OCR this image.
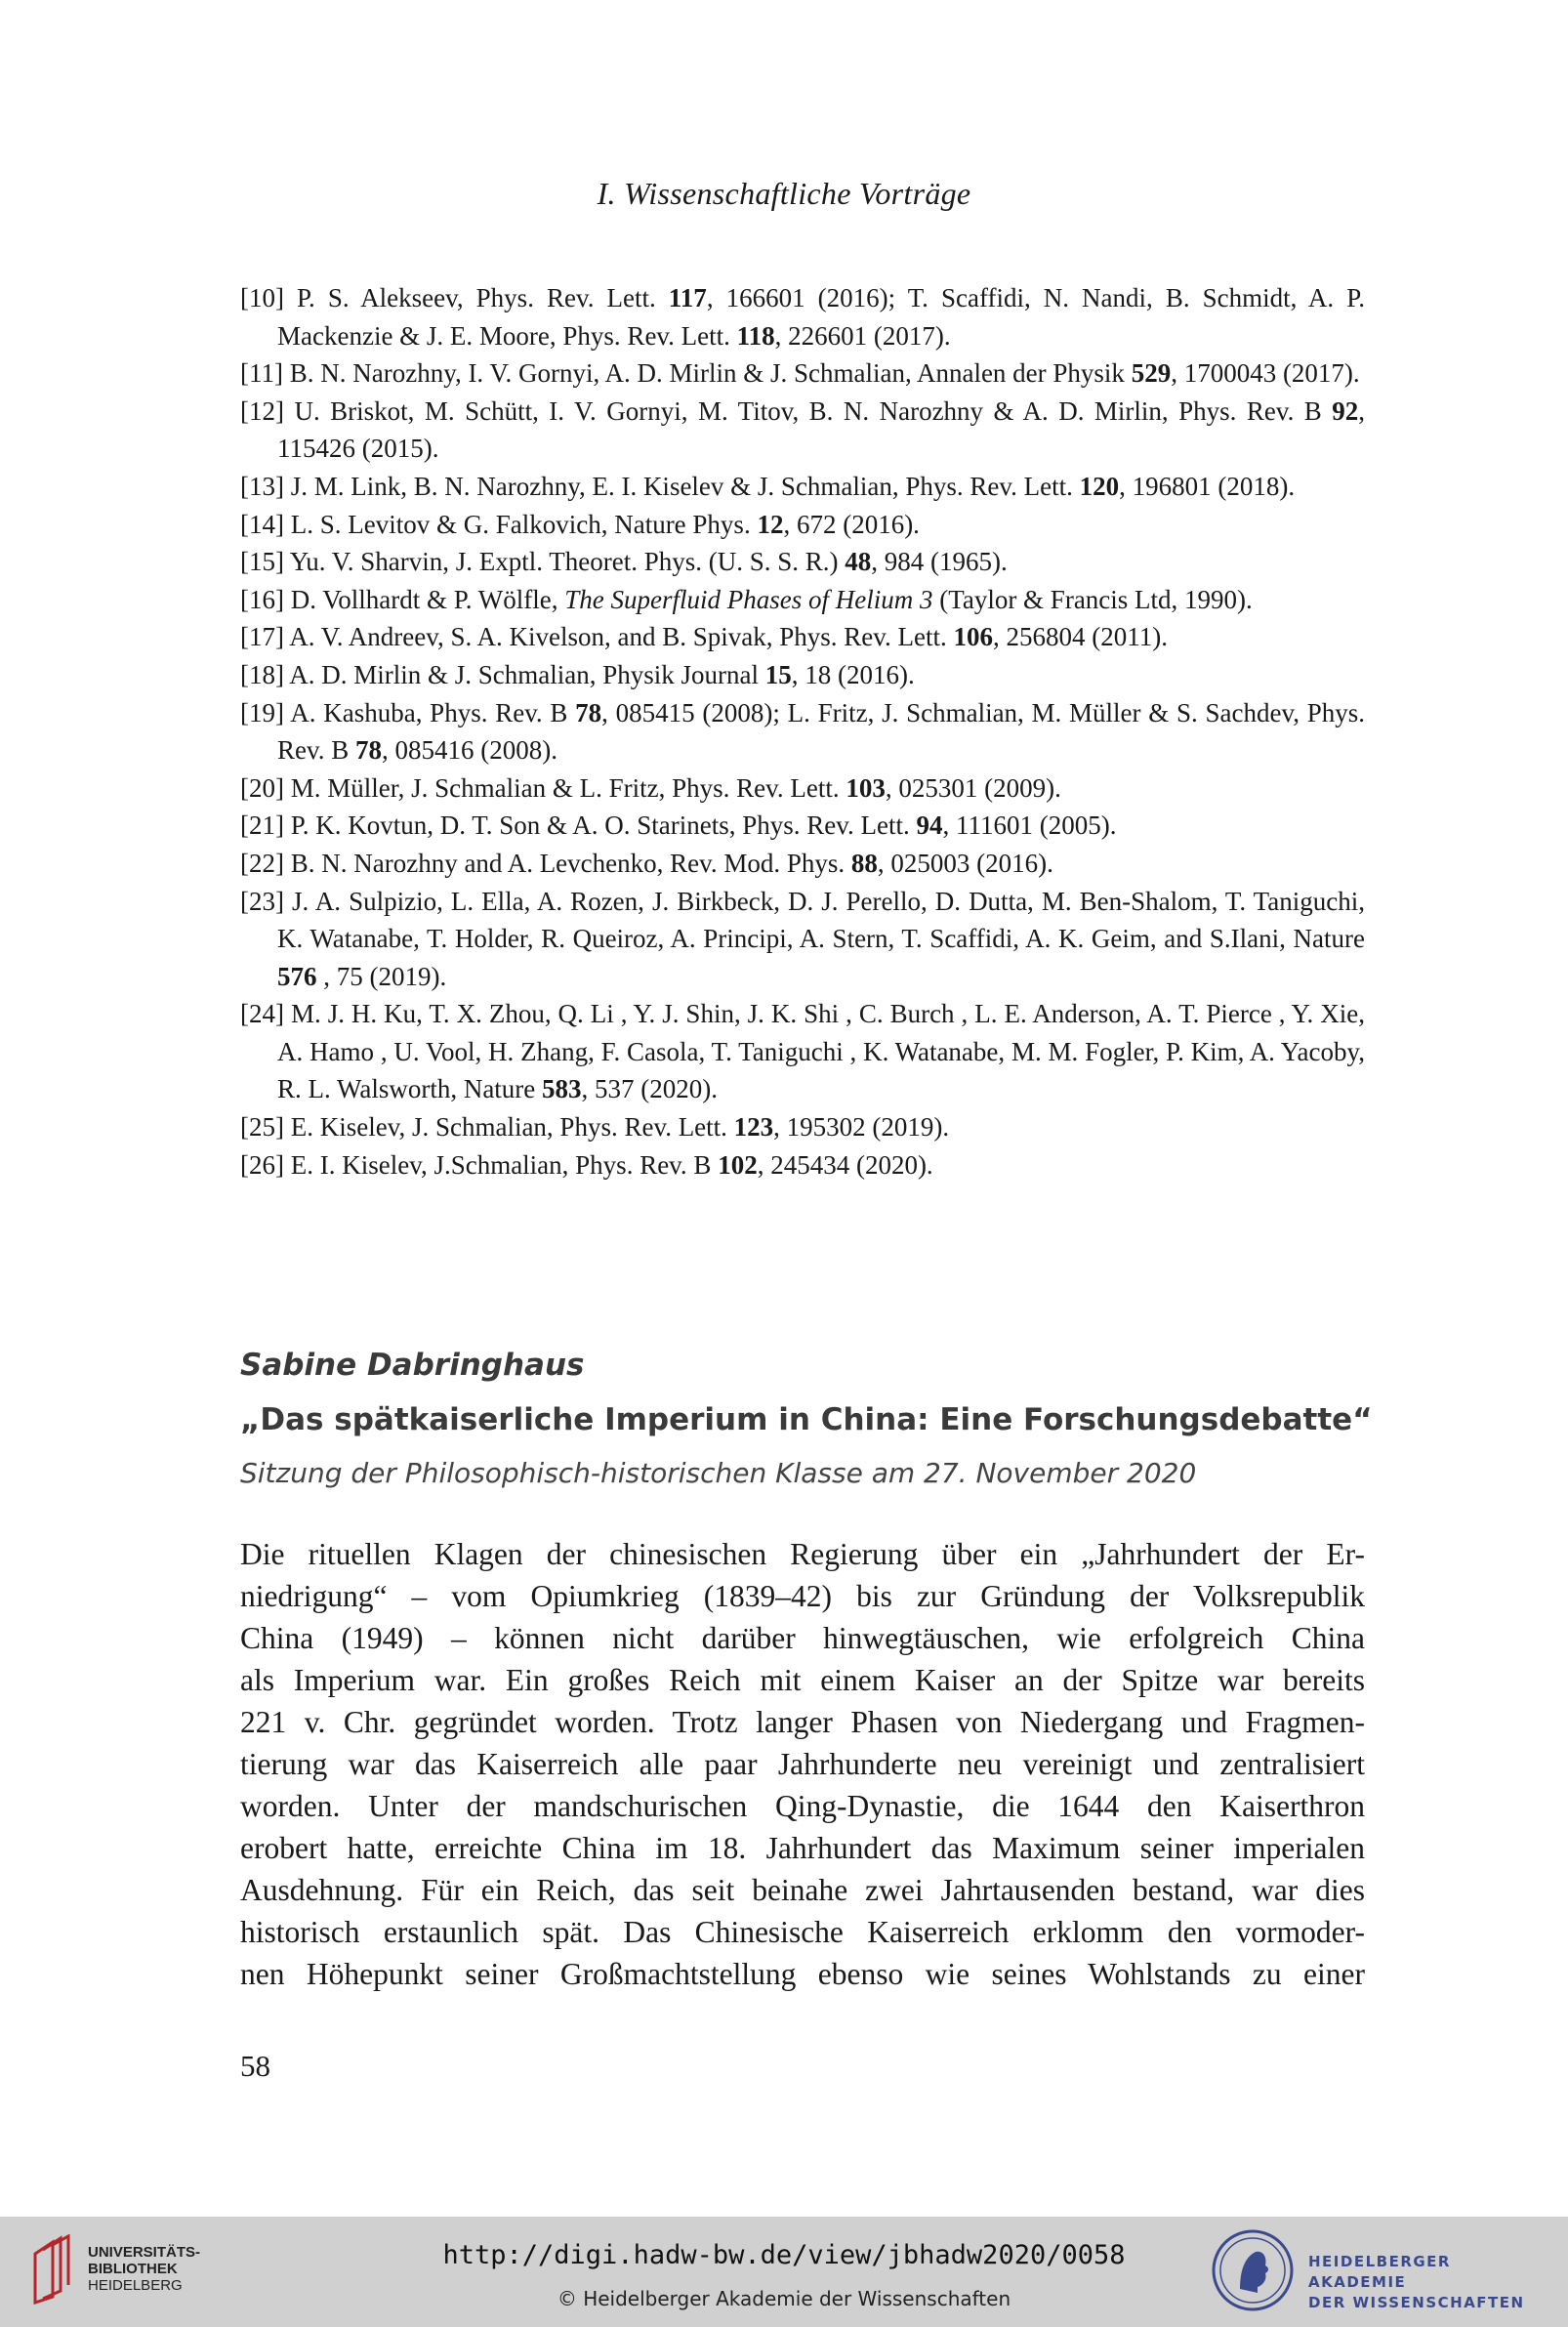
I. Wissenschaftliche Vorträge

[10] P. S. Alekseev, Phys. Rev. Lett. 117, 166601 (2016); T. Scaffidi, N. Nandi, B. Schmidt, A. P. Mackenzie & J. E. Moore, Phys. Rev. Lett. 118, 226601 (2017).

[11] B. N. Narozhny, I. V. Gornyi, A. D. Mirlin & J. Schmalian, Annalen der Physik 529, 1700043 (2017).

[12] U. Briskot, M. Schütt, I. V. Gornyi, M. Titov, B. N. Narozhny & A. D. Mirlin, Phys. Rev. B 92, 115426 (2015).

[13] J. M. Link, B. N. Narozhny, E. I. Kiselev & J. Schmalian, Phys. Rev. Lett. 120, 196801 (2018).

[14] L. S. Levitov & G. Falkovich, Nature Phys. 12, 672 (2016).

[15] Yu. V. Sharvin, J. Exptl. Theoret. Phys. (U. S. S. R.) 48, 984 (1965).

[16] D. Vollhardt & P. Wölfle, The Superfluid Phases of Helium 3 (Taylor & Francis Ltd, 1990).

[17] A. V. Andreev, S. A. Kivelson, and B. Spivak, Phys. Rev. Lett. 106, 256804 (2011).

[18] A. D. Mirlin & J. Schmalian, Physik Journal 15, 18 (2016).

[19] A. Kashuba, Phys. Rev. B 78, 085415 (2008); L. Fritz, J. Schmalian, M. Müller & S. Sachdev, Phys. Rev. B 78, 085416 (2008).

[20] M. Müller, J. Schmalian & L. Fritz, Phys. Rev. Lett. 103, 025301 (2009).

[21] P. K. Kovtun, D. T. Son & A. O. Starinets, Phys. Rev. Lett. 94, 111601 (2005).

[22] B. N. Narozhny and A. Levchenko, Rev. Mod. Phys. 88, 025003 (2016).

[23] J. A. Sulpizio, L. Ella, A. Rozen, J. Birkbeck, D. J. Perello, D. Dutta, M. Ben-Shalom, T. Taniguchi, K. Watanabe, T. Holder, R. Queiroz, A. Principi, A. Stern, T. Scaffidi, A. K. Geim, and S.Ilani, Nature 576 , 75 (2019).

[24] M. J. H. Ku, T. X. Zhou, Q. Li , Y. J. Shin, J. K. Shi , C. Burch , L. E. Anderson, A. T. Pierce , Y. Xie, A. Hamo , U. Vool, H. Zhang, F. Casola, T. Taniguchi , K. Watanabe, M. M. Fogler, P. Kim, A. Yacoby, R. L. Walsworth, Nature 583, 537 (2020).

[25] E. Kiselev, J. Schmalian, Phys. Rev. Lett. 123, 195302 (2019).

[26] E. I. Kiselev, J.Schmalian, Phys. Rev. B 102, 245434 (2020).

Sabine Dabringhaus
„Das spätkaiserliche Imperium in China: Eine Forschungsdebatte“
Sitzung der Philosophisch-historischen Klasse am 27. November 2020
Die rituellen Klagen der chinesischen Regierung über ein „Jahrhundert der Er-
niedrigung“ – vom Opiumkrieg (1839–42) bis zur Gründung der Volksrepublik
China (1949) – können nicht darüber hinwegtäuschen, wie erfolgreich China
als Imperium war. Ein großes Reich mit einem Kaiser an der Spitze war bereits
221 v. Chr. gegründet worden. Trotz langer Phasen von Niedergang und Fragmen-
tierung war das Kaiserreich alle paar Jahrhunderte neu vereinigt und zentralisiert
worden. Unter der mandschurischen Qing-Dynastie, die 1644 den Kaiserthron
erobert hatte, erreichte China im 18. Jahrhundert das Maximum seiner imperialen
Ausdehnung. Für ein Reich, das seit beinahe zwei Jahrtausenden bestand, war dies
historisch erstaunlich spät. Das Chinesische Kaiserreich erklomm den vormoder-
nen Höhepunkt seiner Großmachtstellung ebenso wie seines Wohlstands zu einer
58
UNIVERSITÄTS-
BIBLIOTHEK
HEIDELBERG
http://digi.hadw-bw.de/view/jbhadw2020/0058
© Heidelberger Akademie der Wissenschaften
HEIDELBERGER AKADEMIE
DER WISSENSCHAFTEN
